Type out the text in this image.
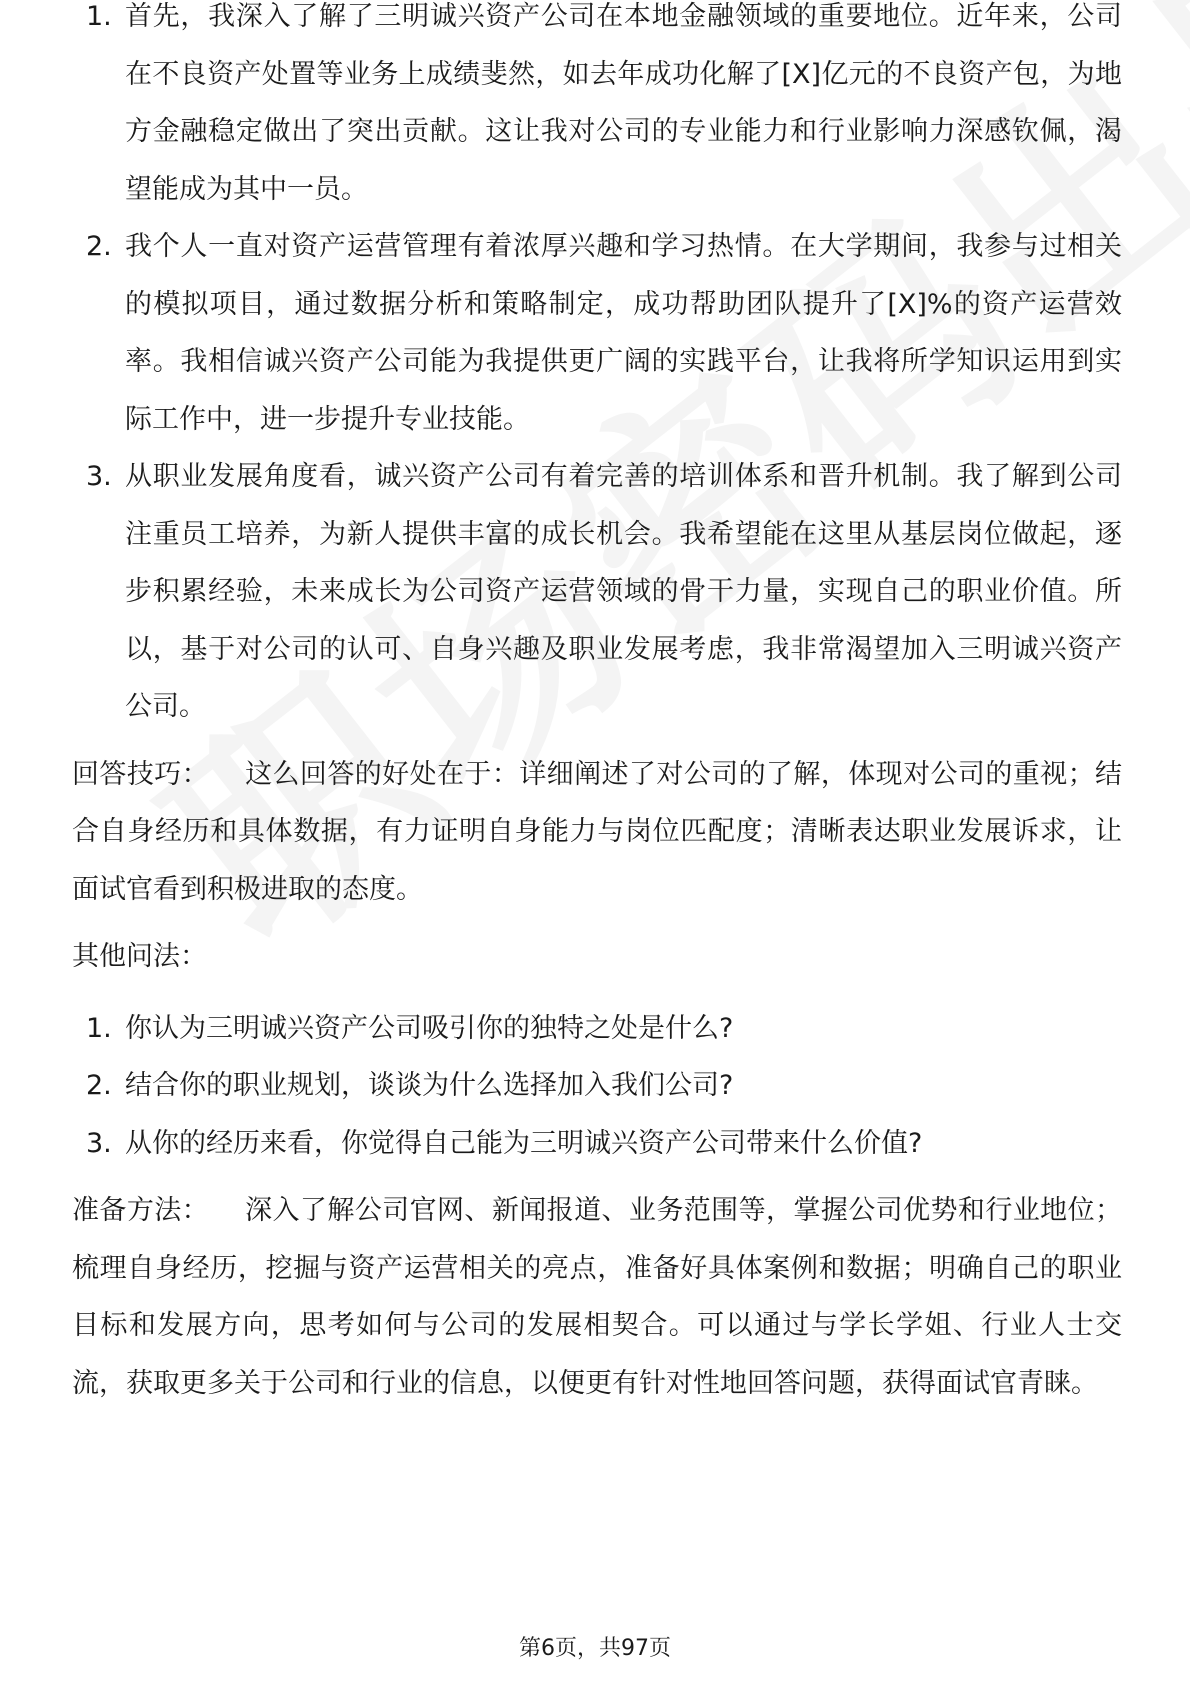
1. 首先，我深入了解了三明诚兴资产公司在本地金融领域的重要地位。近年来，公司在不良资产处置等业务上成绩斐然，如去年成功化解了[X]亿元的不良资产包，为地方金融稳定做出了突出贡献。这让我对公司的专业能力和行业影响力深感钦佩，渴望能成为其中一员。
2. 我个人一直对资产运营管理有着浓厚兴趣和学习热情。在大学期间，我参与过相关的模拟项目，通过数据分析和策略制定，成功帮助团队提升了[X]%的资产运营效率。我相信诚兴资产公司能为我提供更广阔的实践平台，让我将所学知识运用到实际工作中，进一步提升专业技能。
3. 从职业发展角度看，诚兴资产公司有着完善的培训体系和晋升机制。我了解到公司注重员工培养，为新人提供丰富的成长机会。我希望能在这里从基层岗位做起，逐步积累经验，未来成长为公司资产运营领域的骨干力量，实现自己的职业价值。所以，基于对公司的认可、自身兴趣及职业发展考虑，我非常渴望加入三明诚兴资产公司。

回答技巧： 这么回答的好处在于：详细阐述了对公司的了解，体现对公司的重视；结合自身经历和具体数据，有力证明自身能力与岗位匹配度；清晰表达职业发展诉求，让面试官看到积极进取的态度。

其他问法：

1. 你认为三明诚兴资产公司吸引你的独特之处是什么?
2. 结合你的职业规划，谈谈为什么选择加入我们公司?
3. 从你的经历来看，你觉得自己能为三明诚兴资产公司带来什么价值?

准备方法： 深入了解公司官网、新闻报道、业务范围等，掌握公司优势和行业地位；梳理自身经历，挖掘与资产运营相关的亮点，准备好具体案例和数据；明确自己的职业目标和发展方向，思考如何与公司的发展相契合。可以通过与学长学姐、行业人士交流，获取更多关于公司和行业的信息，以便更有针对性地回答问题，获得面试官青睐。

第6页，共97页
